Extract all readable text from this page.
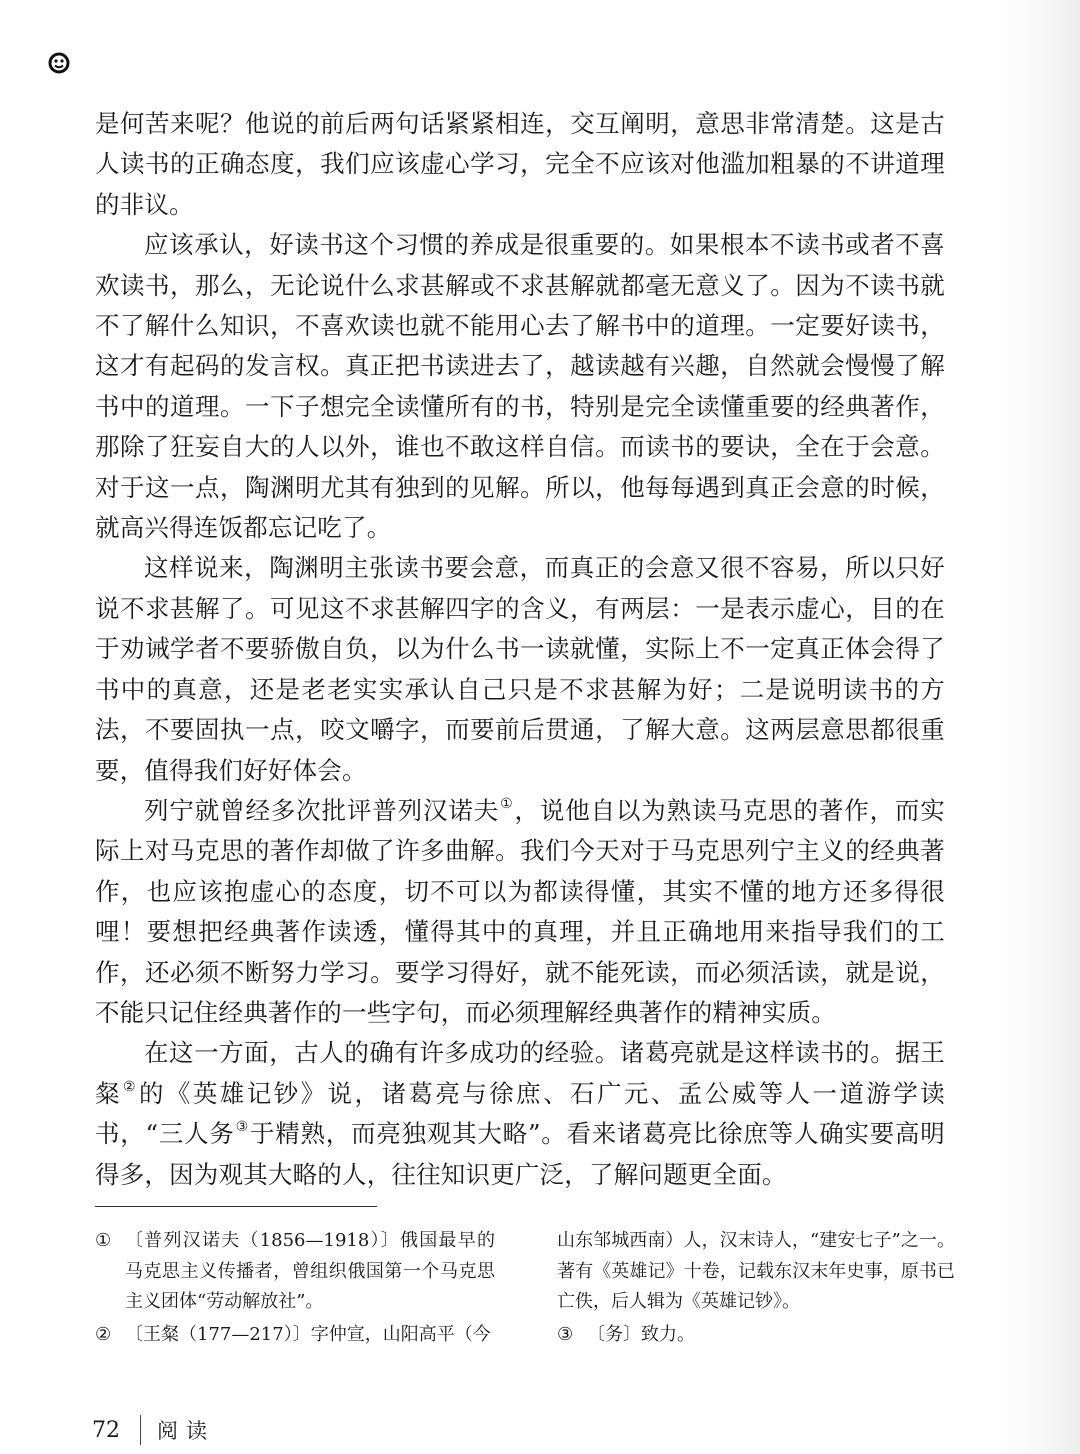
是何苦来呢？他说的前后两句话紧紧相连，交互阐明，意思非常清楚。这是古人读书的正确态度，我们应该虚心学习，完全不应该对他滥加粗暴的不讲道理的非议。

应该承认，好读书这个习惯的养成是很重要的。如果根本不读书或者不喜欢读书，那么，无论说什么求甚解或不求甚解就都毫无意义了。因为不读书就不了解什么知识，不喜欢读也就不能用心去了解书中的道理。一定要好读书，这才有起码的发言权。真正把书读进去了，越读越有兴趣，自然就会慢慢了解书中的道理。一下子想完全读懂所有的书，特别是完全读懂重要的经典著作，那除了狂妄自大的人以外，谁也不敢这样自信。而读书的要诀，全在于会意。对于这一点，陶渊明尤其有独到的见解。所以，他每每遇到真正会意的时候，就高兴得连饭都忘记吃了。

这样说来，陶渊明主张读书要会意，而真正的会意又很不容易，所以只好说不求甚解了。可见这不求甚解四字的含义，有两层：一是表示虚心，目的在于劝诫学者不要骄傲自负，以为什么书一读就懂，实际上不一定真正体会得了书中的真意，还是老老实实承认自己只是不求甚解为好；二是说明读书的方法，不要固执一点，咬文嚼字，而要前后贯通，了解大意。这两层意思都很重要，值得我们好好体会。

列宁就曾经多次批评普列汉诺夫①，说他自以为熟读马克思的著作，而实际上对马克思的著作却做了许多曲解。我们今天对于马克思列宁主义的经典著作，也应该抱虚心的态度，切不可以为都读得懂，其实不懂的地方还多得很哩！要想把经典著作读透，懂得其中的真理，并且正确地用来指导我们的工作，还必须不断努力学习。要学习得好，就不能死读，而必须活读，就是说，不能只记住经典著作的一些字句，而必须理解经典著作的精神实质。

在这一方面，古人的确有许多成功的经验。诸葛亮就是这样读书的。据王粲②的《英雄记钞》说，诸葛亮与徐庶、石广元、孟公威等人一道游学读书，“三人务③于精熟，而亮独观其大略”。看来诸葛亮比徐庶等人确实要高明得多，因为观其大略的人，往往知识更广泛，了解问题更全面。

① 〔普列汉诺夫（1856—1918）〕俄国最早的马克思主义传播者，曾组织俄国第一个马克思主义团体“劳动解放社”。

② 〔王粲（177—217）〕字仲宣，山阳高平（今

山东邹城西南）人，汉末诗人，“建安七子”之一。著有《英雄记》十卷，记载东汉末年史事，原书已亡佚，后人辑为《英雄记钞》。

③ 〔务〕致力。

72	阅读
